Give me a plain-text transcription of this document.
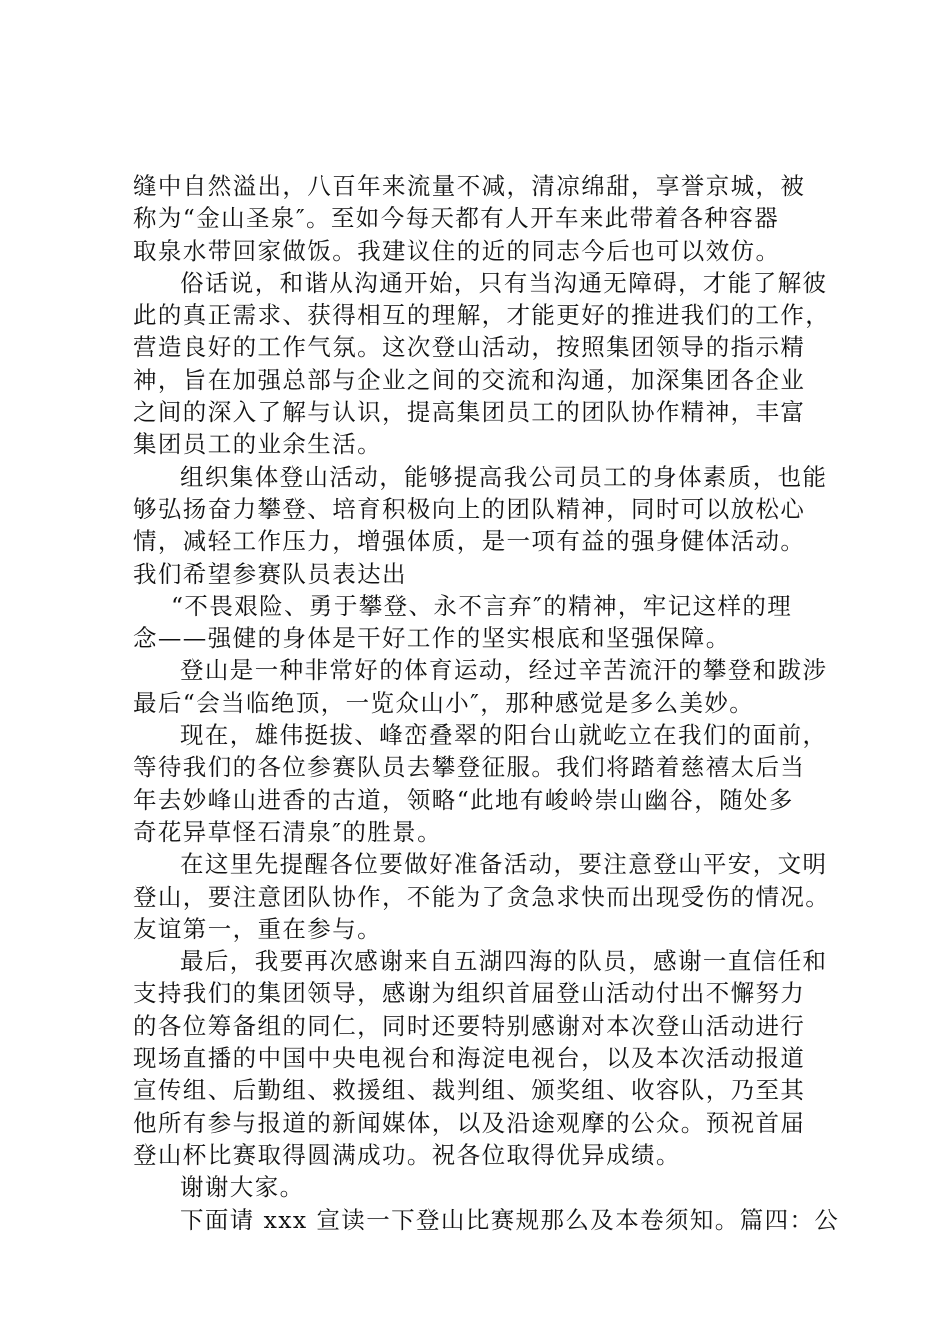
缝中自然溢出，八百年来流量不减，清凉绵甜，享誉京城，被
称为“金山圣泉″。至如今每天都有人开车来此带着各种容器
取泉水带回家做饭。我建议住的近的同志今后也可以效仿。
俗话说，和谐从沟通开始，只有当沟通无障碍，才能了解彼
此的真正需求、获得相互的理解，才能更好的推进我们的工作，
营造良好的工作气氛。这次登山活动，按照集团领导的指示精
神，旨在加强总部与企业之间的交流和沟通，加深集团各企业
之间的深入了解与认识，提高集团员工的团队协作精神，丰富
集团员工的业余生活。
组织集体登山活动，能够提高我公司员工的身体素质，也能
够弘扬奋力攀登、培育积极向上的团队精神，同时可以放松心
情，减轻工作压力，增强体质，是一项有益的强身健体活动。
我们希望参赛队员表达出
“不畏艰险、勇于攀登、永不言弃″的精神，牢记这样的理
念——强健的身体是干好工作的坚实根底和坚强保障。
登山是一种非常好的体育运动，经过辛苦流汗的攀登和跋涉
最后“会当临绝顶，一览众山小″，那种感觉是多么美妙。
现在，雄伟挺拔、峰峦叠翠的阳台山就屹立在我们的面前，
等待我们的各位参赛队员去攀登征服。我们将踏着慈禧太后当
年去妙峰山进香的古道，领略“此地有峻岭崇山幽谷，随处多
奇花异草怪石清泉″的胜景。
在这里先提醒各位要做好准备活动，要注意登山平安，文明
登山，要注意团队协作，不能为了贪急求快而出现受伤的情况。
友谊第一，重在参与。
最后，我要再次感谢来自五湖四海的队员，感谢一直信任和
支持我们的集团领导，感谢为组织首届登山活动付出不懈努力
的各位筹备组的同仁，同时还要特别感谢对本次登山活动进行
现场直播的中国中央电视台和海淀电视台，以及本次活动报道
宣传组、后勤组、救援组、裁判组、颁奖组、收容队，乃至其
他所有参与报道的新闻媒体，以及沿途观摩的公众。预祝首届
登山杯比赛取得圆满成功。祝各位取得优异成绩。
谢谢大家。
下面请 xxx 宣读一下登山比赛规那么及本卷须知。篇四：公
